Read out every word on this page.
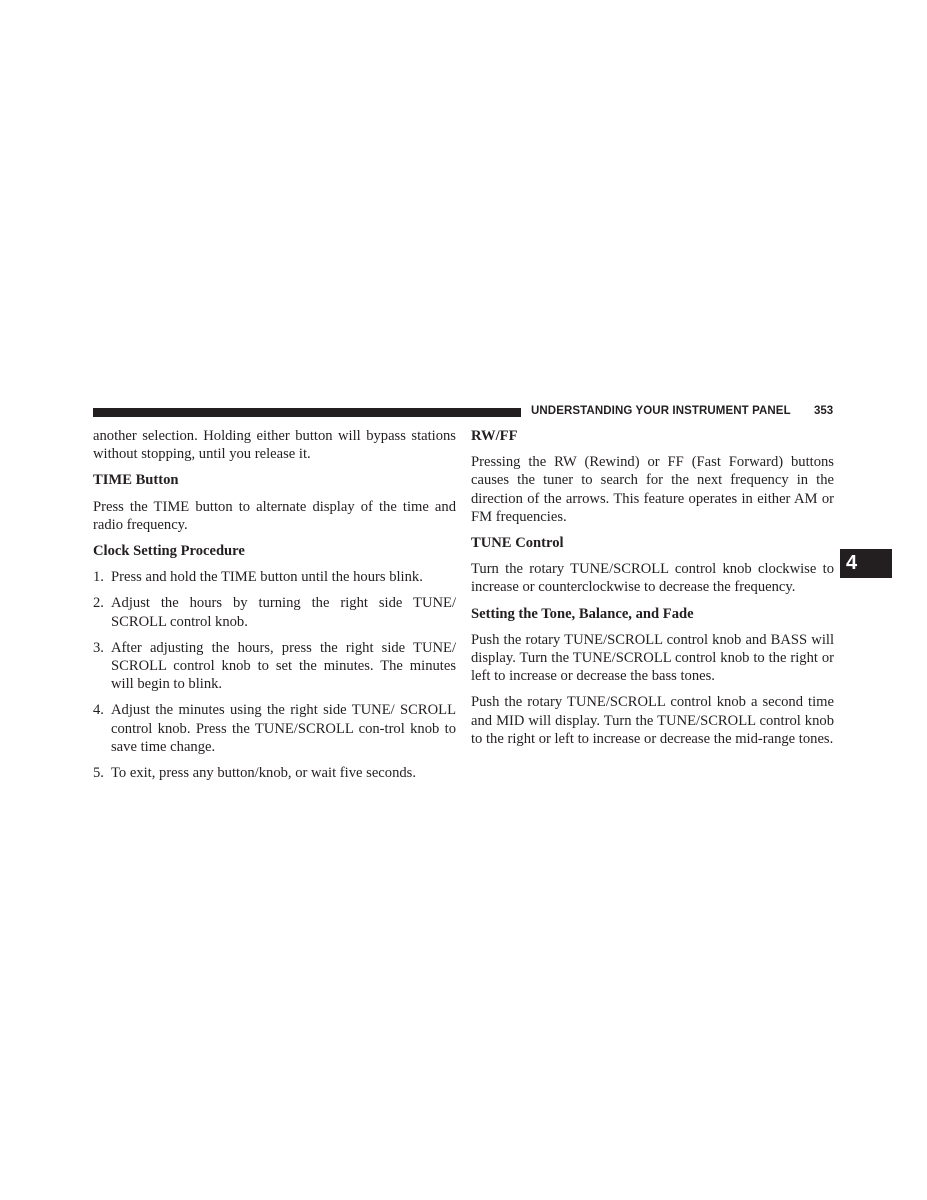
UNDERSTANDING YOUR INSTRUMENT PANEL 353
4

another selection. Holding either button will bypass stations without stopping, until you release it.

TIME Button

Press the TIME button to alternate display of the time and radio frequency.

Clock Setting Procedure
1. Press and hold the TIME button until the hours blink.
2. Adjust the hours by turning the right side TUNE/ SCROLL control knob.
3. After adjusting the hours, press the right side TUNE/ SCROLL control knob to set the minutes. The minutes will begin to blink.
4. Adjust the minutes using the right side TUNE/ SCROLL control knob. Press the TUNE/SCROLL con-trol knob to save time change.
5. To exit, press any button/knob, or wait five seconds.
RW/FF

Pressing the RW (Rewind) or FF (Fast Forward) buttons causes the tuner to search for the next frequency in the direction of the arrows. This feature operates in either AM or FM frequencies.

TUNE Control

Turn the rotary TUNE/SCROLL control knob clockwise to increase or counterclockwise to decrease the frequency.

Setting the Tone, Balance, and Fade

Push the rotary TUNE/SCROLL control knob and BASS will display. Turn the TUNE/SCROLL control knob to the right or left to increase or decrease the bass tones.

Push the rotary TUNE/SCROLL control knob a second time and MID will display. Turn the TUNE/SCROLL control knob to the right or left to increase or decrease the mid-range tones.
